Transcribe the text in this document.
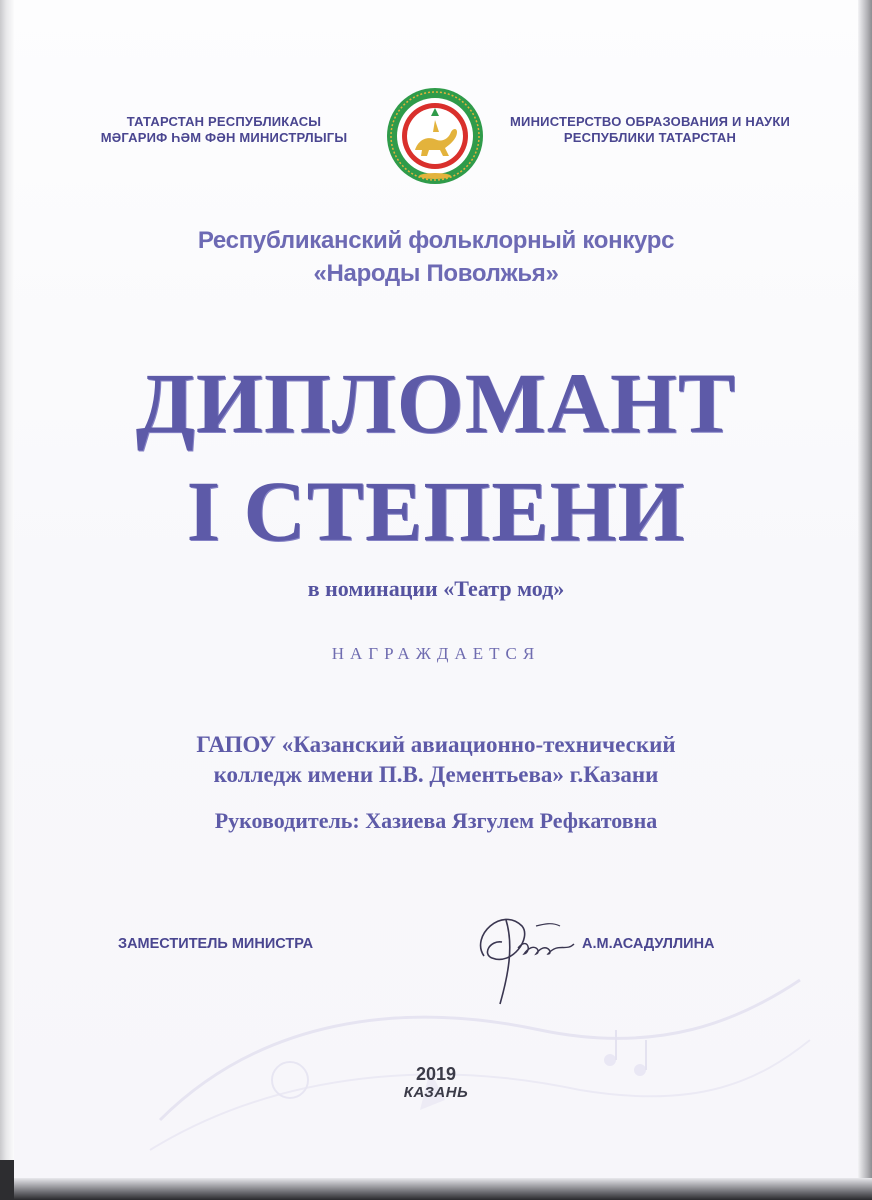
ТАТАРСТАН РЕСПУБЛИКАСЫ
МӘГАРИФ ҺӘМ ФӘН МИНИСТРЛЫГЫ
МИНИСТЕРСТВО ОБРАЗОВАНИЯ И НАУКИ
РЕСПУБЛИКИ ТАТАРСТАН
Республиканский фольклорный конкурс
«Народы Поволжья»
ДИПЛОМАНТ
I СТЕПЕНИ
в номинации «Театр мод»
НАГРАЖДАЕТСЯ
ГАПОУ «Казанский авиационно-технический
колледж имени П.В. Дементьева» г.Казани
Руководитель: Хазиева Язгулем Рефкатовна
ЗАМЕСТИТЕЛЬ МИНИСТРА	А.М.АСАДУЛЛИНА
2019
КАЗАНЬ
